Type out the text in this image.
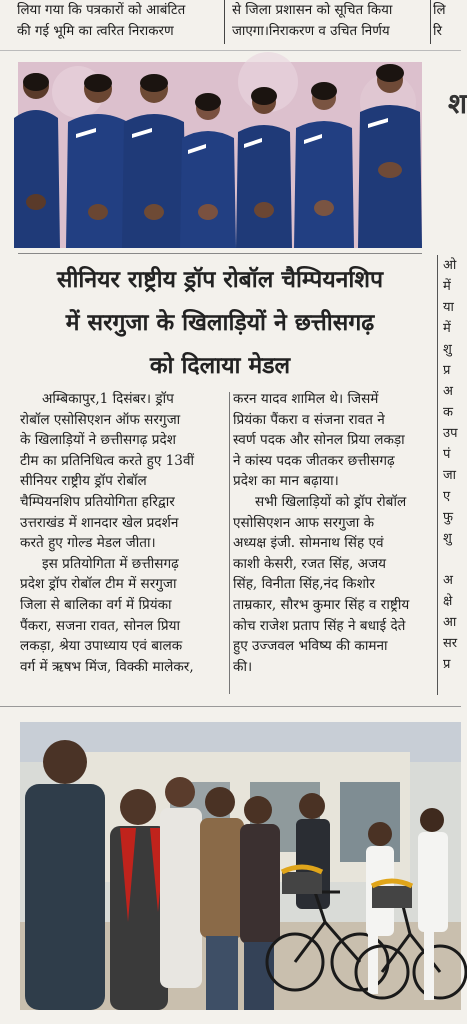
लिया गया कि पत्रकारों को आबंटित
की गई भूमि का त्वरित निराकरण
से जिला प्रशासन को सूचित किया
जाएगा।निराकरण व उचित निर्णय
लि
रि
श
सीनियर राष्ट्रीय ड्रॉप रोबॉल चैम्पियनशिप
में सरगुजा के खिलाड़ियों ने छत्तीसगढ़
को दिलाया मेडल

अम्बिकापुर,1 दिसंबर। ड्रॉप

रोबॉल एसोसिएशन ऑफ सरगुजा

के खिलाड़ियों ने छत्तीसगढ़ प्रदेश

टीम का प्रतिनिधित्व करते हुए 13वीं

सीनियर राष्ट्रीय ड्रॉप रोबॉल

चैम्पियनशिप प्रतियोगिता हरिद्वार

उत्तराखंड में शानदार खेल प्रदर्शन

करते हुए गोल्ड मेडल जीता।

इस प्रतियोगिता में छत्तीसगढ़

प्रदेश ड्रॉप रोबॉल टीम में सरगुजा

जिला से बालिका वर्ग में प्रियंका

पैंकरा, सजना रावत, सोनल प्रिया

लकड़ा, श्रेया उपाध्याय एवं बालक

वर्ग में ऋषभ मिंज, विक्की मालेकर,

करन यादव शामिल थे। जिसमें

प्रियंका पैंकरा व संजना रावत ने

स्वर्ण पदक और सोनल प्रिया लकड़ा

ने कांस्य पदक जीतकर छत्तीसगढ़

प्रदेश का मान बढ़ाया।

सभी खिलाड़ियों को ड्रॉप रोबॉल

एसोसिएशन आफ सरगुजा के

अध्यक्ष इंजी. सोमनाथ सिंह एवं

काशी केसरी, रजत सिंह, अजय

सिंह, विनीता सिंह,नंद किशोर

ताम्रकार, सौरभ कुमार सिंह व राष्ट्रीय

कोच राजेश प्रताप सिंह ने बधाई देते

हुए उज्जवल भविष्य की कामना

की।

ओ

में

या

में

शु

प्र

अ

क

उप

पं

जा

ए

फु

शु

अ

क्षे

आ

सर

प्र
